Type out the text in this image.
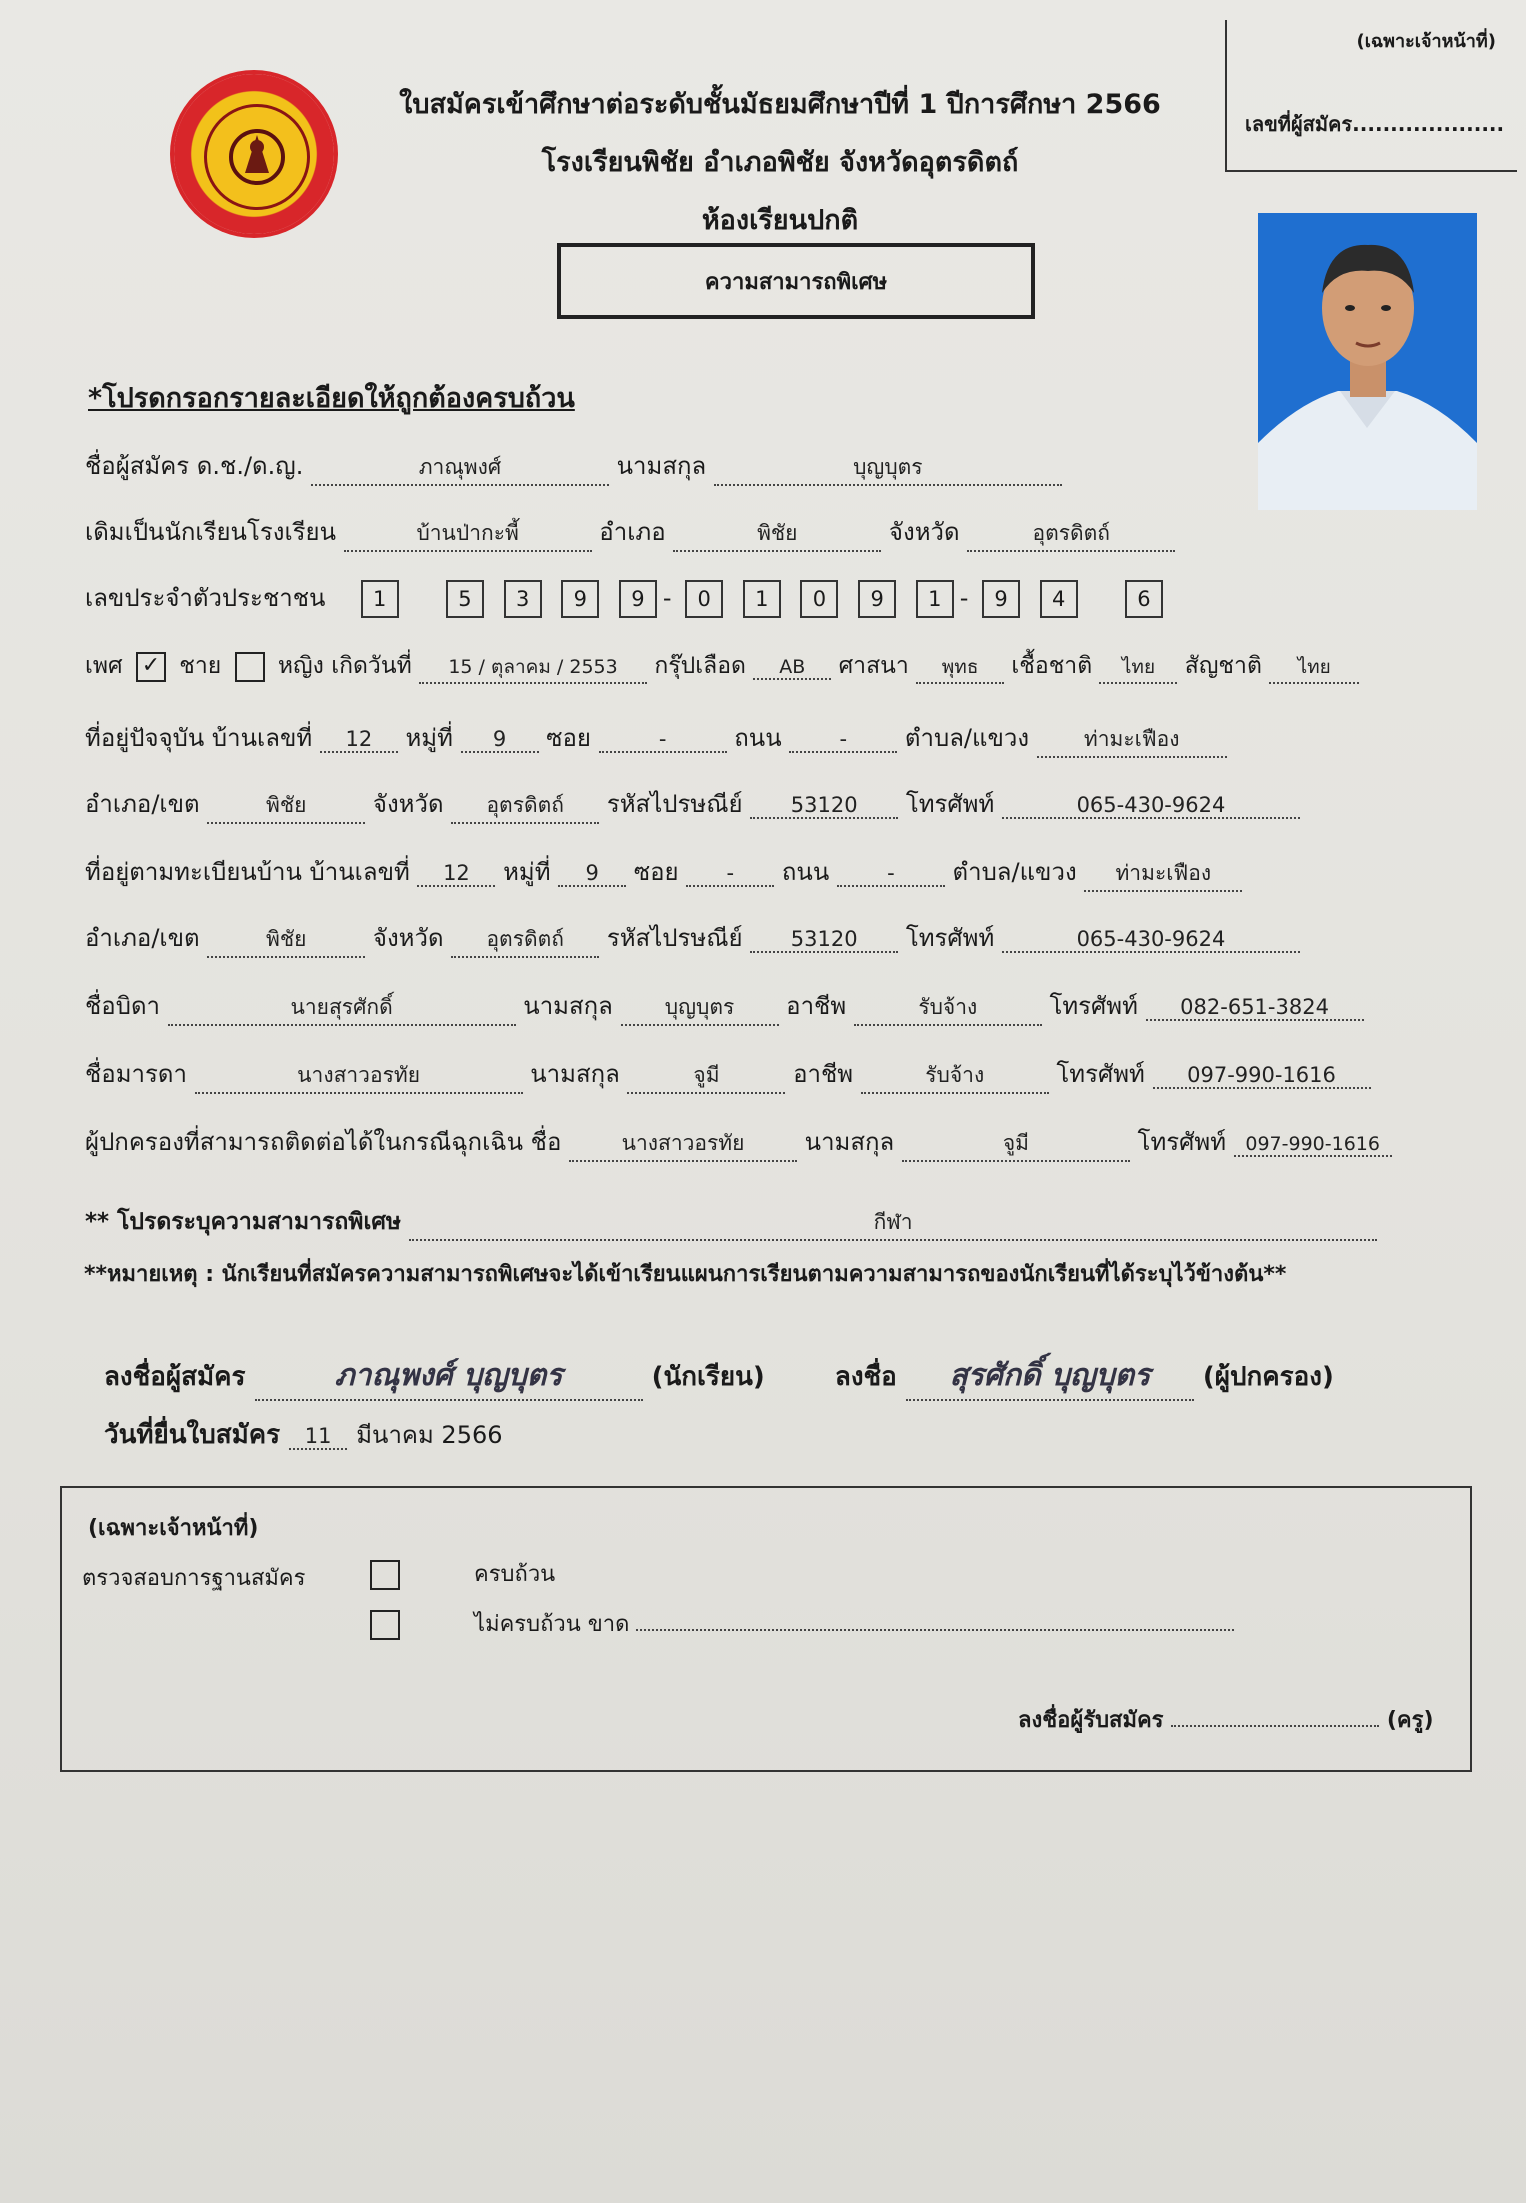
ใบสมัครเข้าศึกษาต่อระดับชั้นมัธยมศึกษาปีที่ 1 ปีการศึกษา 2566
โรงเรียนพิชัย อำเภอพิชัย จังหวัดอุตรดิตถ์
ห้องเรียนปกติ
ความสามารถพิเศษ
(เฉพาะเจ้าหน้าที่)
เลขที่ผู้สมัคร....................
*โปรดกรอกรายละเอียดให้ถูกต้องครบถ้วน
ชื่อผู้สมัคร ด.ช./ด.ญ.	ภาณุพงศ์	นามสกุล	บุญบุตร
เดิมเป็นนักเรียนโรงเรียน	บ้านป่ากะพี้	อำเภอ	พิชัย	จังหวัด	อุตรดิตถ์
เลขประจำตัวประชาชน 1	5 3 9 9 - 0 1 0 9 1 - 9 4	6
เพศ ✓ ชาย หญิง เกิดวันที่ 15 / ตุลาคม / 2553 กรุ๊ปเลือด AB ศาสนา พุทธ เชื้อชาติ ไทย สัญชาติ ไทย
ที่อยู่ปัจจุบัน บ้านเลขที่ 12 หมู่ที่ 9 ซอย	-	ถนน	- ตำบล/แขวง	ท่ามะเฟือง
อำเภอ/เขต	พิชัย	จังหวัด อุตรดิตถ์ รหัสไปรษณีย์ 53120 โทรศัพท์	065-430-9624
ที่อยู่ตามทะเบียนบ้าน บ้านเลขที่ 12 หมู่ที่ 9 ซอย - ถนน	- ตำบล/แขวง ท่ามะเฟือง
อำเภอ/เขต	พิชัย	จังหวัด อุตรดิตถ์ รหัสไปรษณีย์ 53120 โทรศัพท์	065-430-9624
ชื่อบิดา	นายสุรศักดิ์	นามสกุล บุญบุตร อาชีพ	รับจ้าง	โทรศัพท์ 082-651-3824
ชื่อมารดา	นางสาวอรทัย	นามสกุล	จูมี	อาชีพ	รับจ้าง	โทรศัพท์ 097-990-1616
ผู้ปกครองที่สามารถติดต่อได้ในกรณีฉุกเฉิน ชื่อ	นางสาวอรทัย	นามสกุล	จูมี	โทรศัพท์ 097-990-1616
** โปรดระบุความสามารถพิเศษ	กีฬา
**หมายเหตุ : นักเรียนที่สมัครความสามารถพิเศษจะได้เข้าเรียนแผนการเรียนตามความสามารถของนักเรียนที่ได้ระบุไว้ข้างต้น**
ลงชื่อผู้สมัคร	ภาณุพงศ์ บุญบุตร	(นักเรียน)	ลงชื่อ สุรศักดิ์ บุญบุตร (ผู้ปกครอง)
วันที่ยื่นใบสมัคร 11 มีนาคม 2566
(เฉพาะเจ้าหน้าที่)
ตรวจสอบการฐานสมัคร	ครบถ้วน
ไม่ครบถ้วน ขาด
ลงชื่อผู้รับสมัคร	(ครู)
